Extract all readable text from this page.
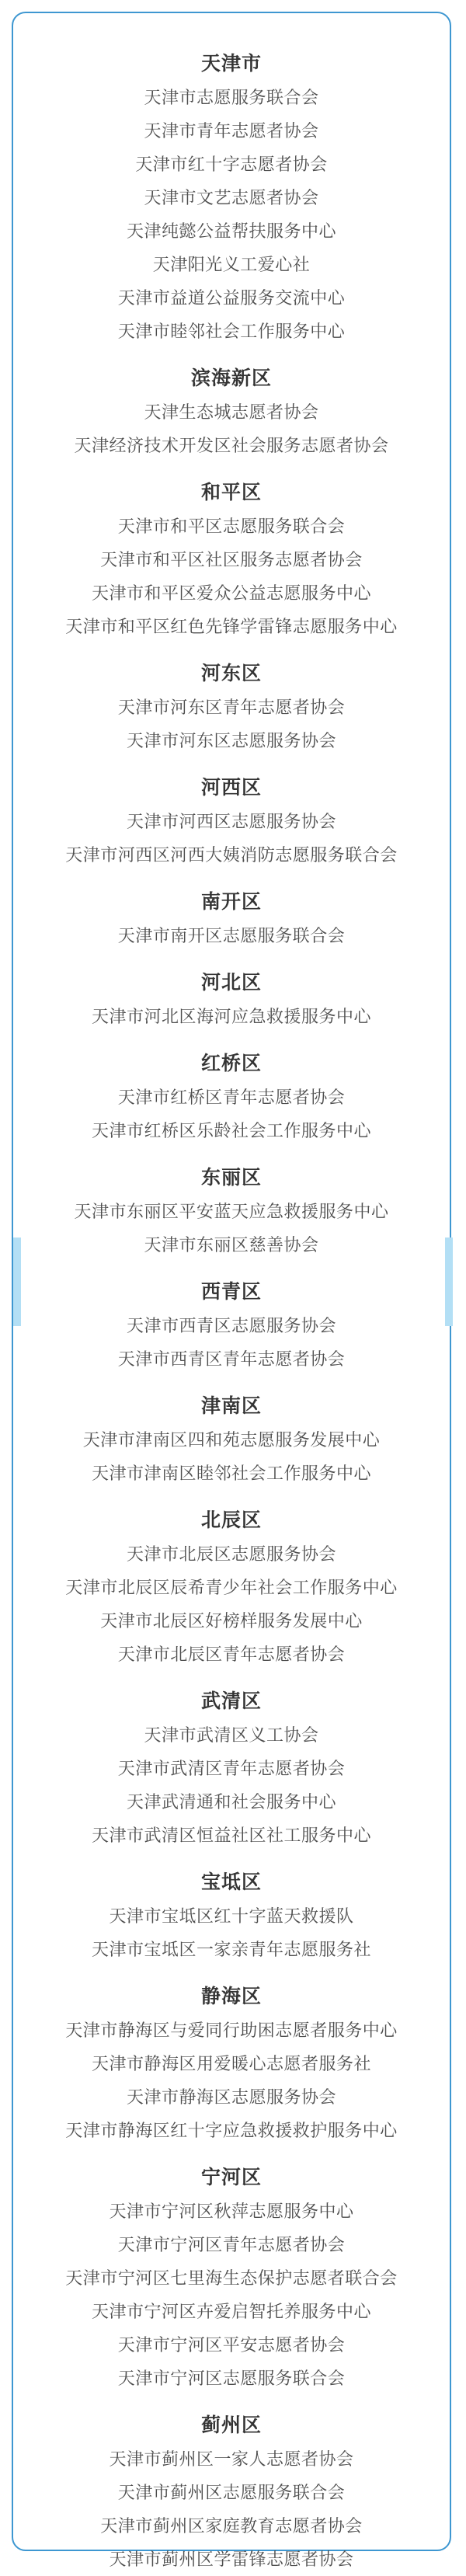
天津市
天津市志愿服务联合会
天津市青年志愿者协会
天津市红十字志愿者协会
天津市文艺志愿者协会
天津纯懿公益帮扶服务中心
天津阳光义工爱心社
天津市益道公益服务交流中心
天津市睦邻社会工作服务中心
滨海新区
天津生态城志愿者协会
天津经济技术开发区社会服务志愿者协会
和平区
天津市和平区志愿服务联合会
天津市和平区社区服务志愿者协会
天津市和平区爱众公益志愿服务中心
天津市和平区红色先锋学雷锋志愿服务中心
河东区
天津市河东区青年志愿者协会
天津市河东区志愿服务协会
河西区
天津市河西区志愿服务协会
天津市河西区河西大姨消防志愿服务联合会
南开区
天津市南开区志愿服务联合会
河北区
天津市河北区海河应急救援服务中心
红桥区
天津市红桥区青年志愿者协会
天津市红桥区乐龄社会工作服务中心
东丽区
天津市东丽区平安蓝天应急救援服务中心
天津市东丽区慈善协会
西青区
天津市西青区志愿服务协会
天津市西青区青年志愿者协会
津南区
天津市津南区四和苑志愿服务发展中心
天津市津南区睦邻社会工作服务中心
北辰区
天津市北辰区志愿服务协会
天津市北辰区辰希青少年社会工作服务中心
天津市北辰区好榜样服务发展中心
天津市北辰区青年志愿者协会
武清区
天津市武清区义工协会
天津市武清区青年志愿者协会
天津武清通和社会服务中心
天津市武清区恒益社区社工服务中心
宝坻区
天津市宝坻区红十字蓝天救援队
天津市宝坻区一家亲青年志愿服务社
静海区
天津市静海区与爱同行助困志愿者服务中心
天津市静海区用爱暖心志愿者服务社
天津市静海区志愿服务协会
天津市静海区红十字应急救援救护服务中心
宁河区
天津市宁河区秋萍志愿服务中心
天津市宁河区青年志愿者协会
天津市宁河区七里海生态保护志愿者联合会
天津市宁河区卉爱启智托养服务中心
天津市宁河区平安志愿者协会
天津市宁河区志愿服务联合会
蓟州区
天津市蓟州区一家人志愿者协会
天津市蓟州区志愿服务联合会
天津市蓟州区家庭教育志愿者协会
天津市蓟州区学雷锋志愿者协会
